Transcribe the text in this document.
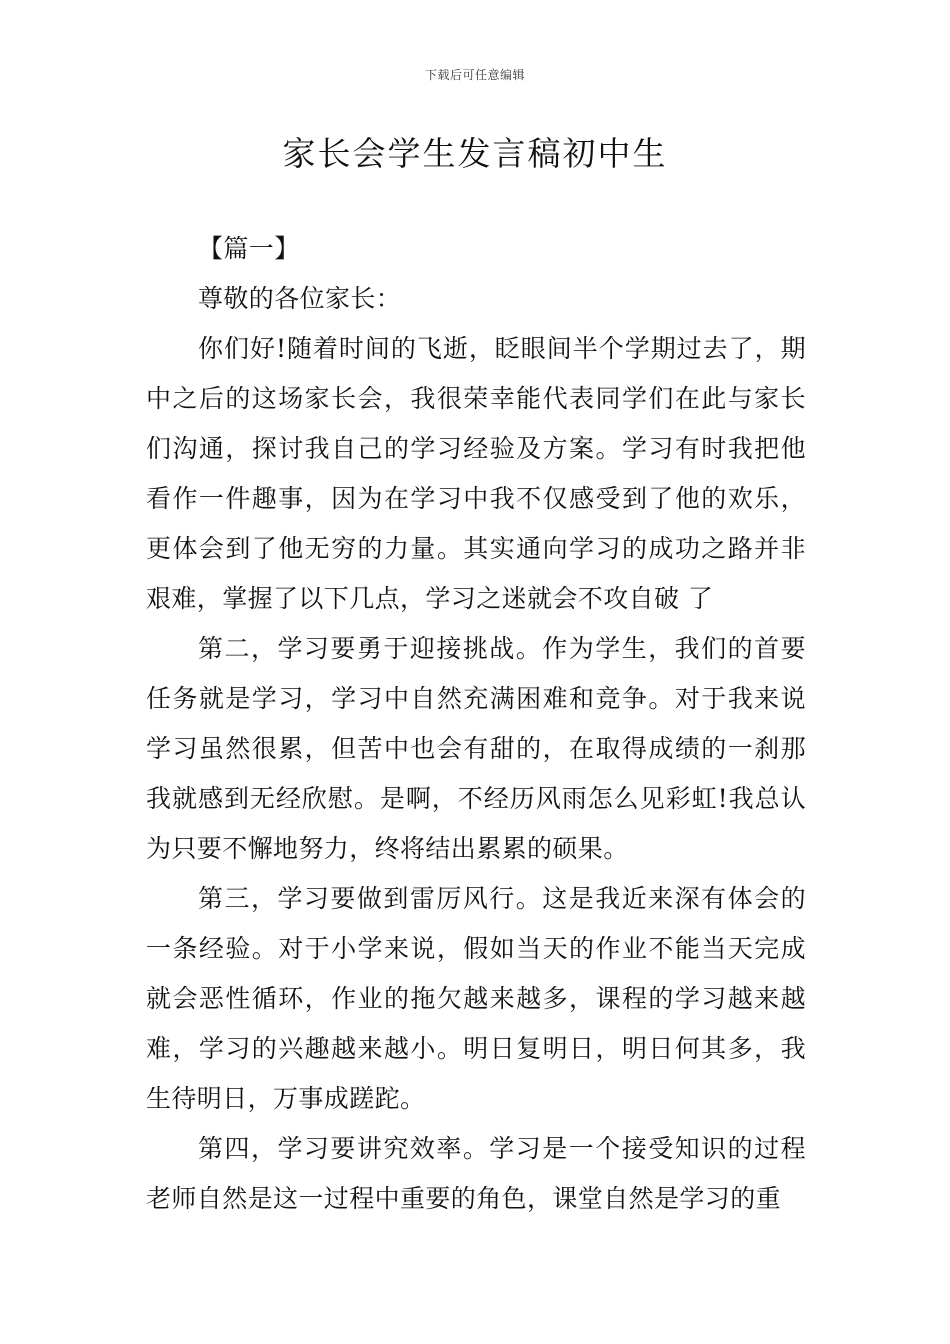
下载后可任意编辑
家长会学生发言稿初中生

【篇一】

尊敬的各位家长：

你们好!随着时间的飞逝，眨眼间半个学期过去了，期中之后的这场家长会，我很荣幸能代表同学们在此与家长们沟通，探讨我自己的学习经验及方案。学习有时我把他看作一件趣事，因为在学习中我不仅感受到了他的欢乐，更体会到了他无穷的力量。其实通向学习的成功之路并非艰难，掌握了以下几点，学习之迷就会不攻自破 了

第二，学习要勇于迎接挑战。作为学生，我们的首要任务就是学习，学习中自然充满困难和竞争。对于我来说学习虽然很累，但苦中也会有甜的，在取得成绩的一刹那我就感到无经欣慰。是啊，不经历风雨怎么见彩虹!我总认为只要不懈地努力，终将结出累累的硕果。

第三，学习要做到雷厉风行。这是我近来深有体会的一条经验。对于小学来说，假如当天的作业不能当天完成就会恶性循环，作业的拖欠越来越多，课程的学习越来越难，学习的兴趣越来越小。明日复明日，明日何其多，我生待明日，万事成蹉跎。

第四，学习要讲究效率。学习是一个接受知识的过程老师自然是这一过程中重要的角色，课堂自然是学习的重
